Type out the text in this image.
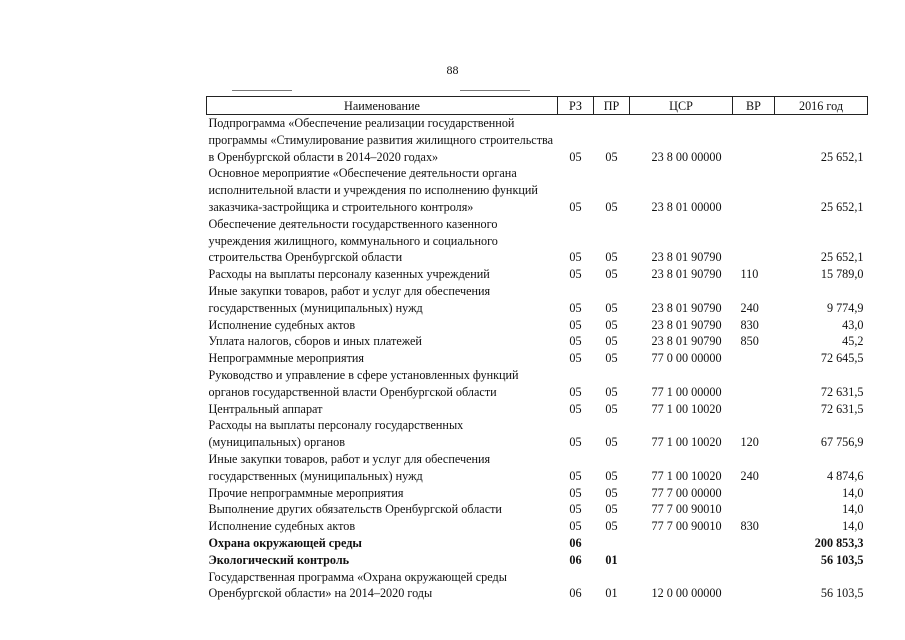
88
Наименование	РЗ	ПР	ЦСР	ВР	2016 год
Подпрограмма «Обеспечение реализации государственной программы «Стимулирование развития жилищного строительства в Оренбургской области в 2014–2020 годах»	05	05	23 8 00 00000		25 652,1
Основное мероприятие «Обеспечение деятельности органа исполнительной власти и учреждения по исполнению функций заказчика-застройщика и строительного контроля»	05	05	23 8 01 00000		25 652,1
Обеспечение деятельности государственного казенного учреждения жилищного, коммунального и социального строительства Оренбургской области	05	05	23 8 01 90790		25 652,1
Расходы на выплаты персоналу казенных учреждений	05	05	23 8 01 90790	110	15 789,0
Иные закупки товаров, работ и услуг для обеспечения государственных (муниципальных) нужд	05	05	23 8 01 90790	240	9 774,9
Исполнение судебных актов	05	05	23 8 01 90790	830	43,0
Уплата налогов, сборов и иных платежей	05	05	23 8 01 90790	850	45,2
Непрограммные мероприятия	05	05	77 0 00 00000		72 645,5
Руководство и управление в сфере установленных функций органов государственной власти Оренбургской области	05	05	77 1 00 00000		72 631,5
Центральный аппарат	05	05	77 1 00 10020		72 631,5
Расходы на выплаты персоналу государственных (муниципальных) органов	05	05	77 1 00 10020	120	67 756,9
Иные закупки товаров, работ и услуг для обеспечения государственных (муниципальных) нужд	05	05	77 1 00 10020	240	4 874,6
Прочие непрограммные мероприятия	05	05	77 7 00 00000		14,0
Выполнение других обязательств Оренбургской области	05	05	77 7 00 90010		14,0
Исполнение судебных актов	05	05	77 7 00 90010	830	14,0
Охрана окружающей среды	06				200 853,3
Экологический контроль	06	01			56 103,5
Государственная программа «Охрана окружающей среды Оренбургской области» на 2014–2020 годы	06	01	12 0 00 00000		56 103,5
